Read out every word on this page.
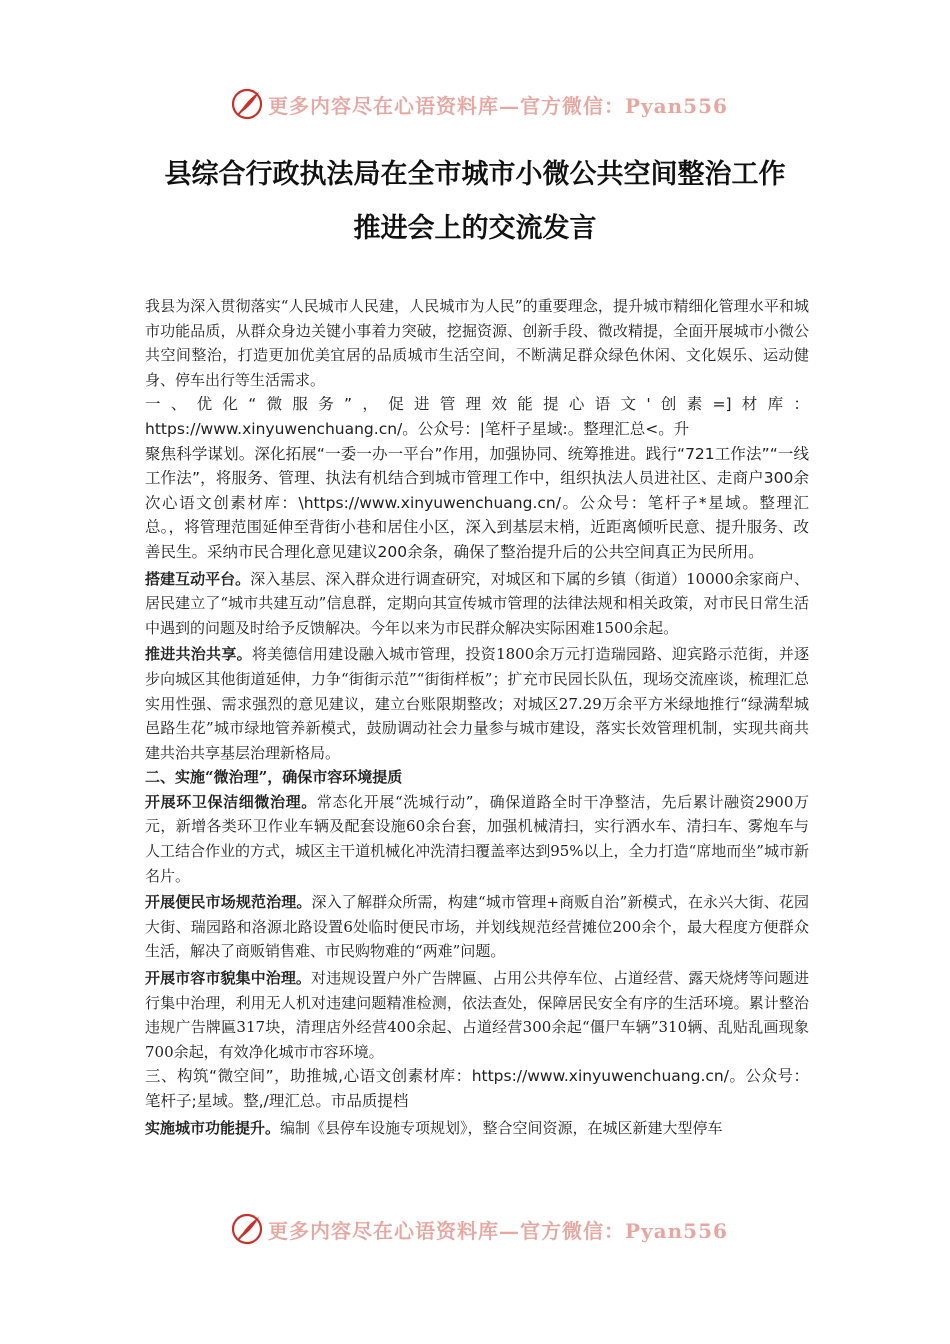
更多内容尽在心语资料库—官方微信：Pyan556
县综合行政执法局在全市城市小微公共空间整治工作
推进会上的交流发言

我县为深入贯彻落实“人民城市人民建，人民城市为人民”的重要理念，提升城市精细化管理水平和城市功能品质，从群众身边关键小事着力突破，挖掘资源、创新手段、微改精提，全面开展城市小微公共空间整治，打造更加优美宜居的品质城市生活空间，不断满足群众绿色休闲、文化娱乐、运动健身、停车出行等生活需求。

一、优化“微服务”，促进管理效能提心语文'创素=]材库：https://www.xinyuwenchuang.cn/。公众号：|笔杆子星域:。整理汇总<。升

聚焦科学谋划。深化拓展“一委一办一平台”作用，加强协同、统筹推进。践行“721工作法”“一线工作法”，将服务、管理、执法有机结合到城市管理工作中，组织执法人员进社区、走商户300余次心语文创素材库：\https://www.xinyuwenchuang.cn/。公众号：笔杆子*星域。整理汇总。，将管理范围延伸至背街小巷和居住小区，深入到基层末梢，近距离倾听民意、提升服务、改善民生。采纳市民合理化意见建议200余条，确保了整治提升后的公共空间真正为民所用。

搭建互动平台。深入基层、深入群众进行调查研究，对城区和下属的乡镇（街道）10000余家商户、居民建立了“城市共建互动”信息群，定期向其宣传城市管理的法律法规和相关政策，对市民日常生活中遇到的问题及时给予反馈解决。今年以来为市民群众解决实际困难1500余起。

推进共治共享。将美德信用建设融入城市管理，投资1800余万元打造瑞园路、迎宾路示范街，并逐步向城区其他街道延伸，力争“街街示范”“街街样板”；扩充市民园长队伍，现场交流座谈，梳理汇总实用性强、需求强烈的意见建议，建立台账限期整改；对城区27.29万余平方米绿地推行“绿满犁城邑路生花”城市绿地管养新模式，鼓励调动社会力量参与城市建设，落实长效管理机制，实现共商共建共治共享基层治理新格局。

二、实施“微治理”，确保市容环境提质

开展环卫保洁细微治理。常态化开展“洗城行动”，确保道路全时干净整洁，先后累计融资2900万元，新增各类环卫作业车辆及配套设施60余台套，加强机械清扫，实行洒水车、清扫车、雾炮车与人工结合作业的方式，城区主干道机械化冲洗清扫覆盖率达到95%以上，全力打造“席地而坐”城市新名片。

开展便民市场规范治理。深入了解群众所需，构建“城市管理+商贩自治”新模式，在永兴大街、花园大街、瑞园路和洛源北路设置6处临时便民市场，并划线规范经营摊位200余个，最大程度方便群众生活，解决了商贩销售难、市民购物难的“两难”问题。

开展市容市貌集中治理。对违规设置户外广告牌匾、占用公共停车位、占道经营、露天烧烤等问题进行集中治理，利用无人机对违建问题精准检测，依法查处，保障居民安全有序的生活环境。累计整治违规广告牌匾317块，清理店外经营400余起、占道经营300余起“僵尸车辆”310辆、乱贴乱画现象700余起，有效净化城市市容环境。

三、构筑“微空间”，助推城,心语文创素材库：https://www.xinyuwenchuang.cn/。公众号：笔杆子;星域。整,/理汇总。市品质提档

实施城市功能提升。编制《县停车设施专项规划》，整合空间资源，在城区新建大型停车

更多内容尽在心语资料库—官方微信：Pyan556
